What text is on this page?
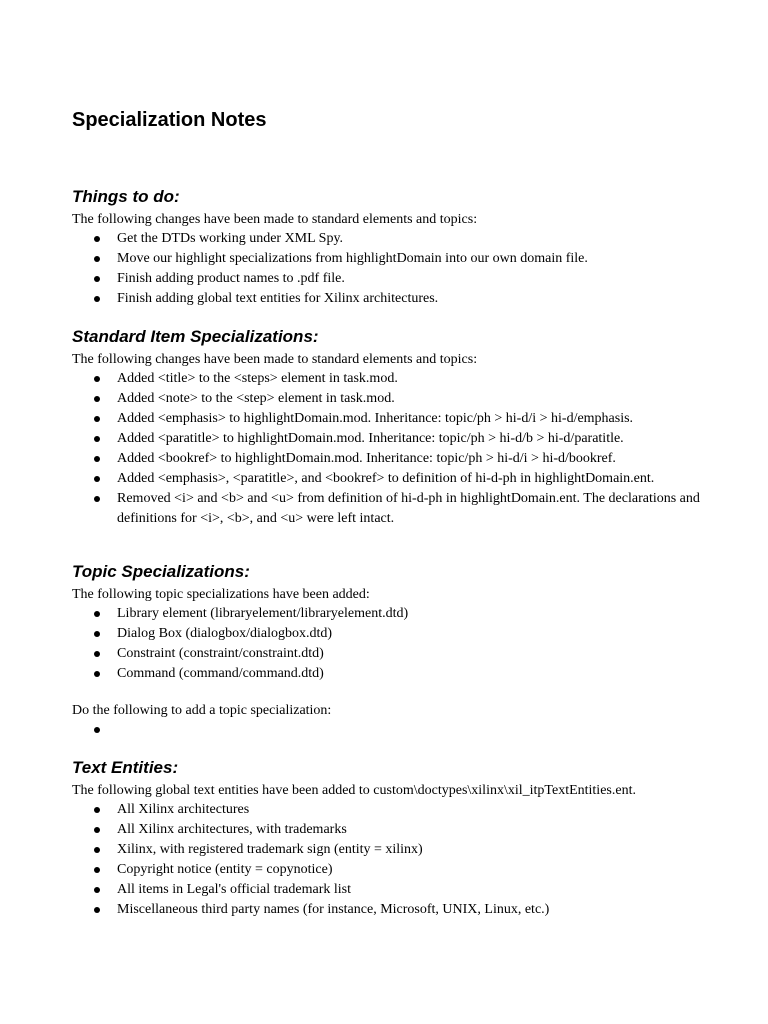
Specialization Notes
Things to do:

The following changes have been made to standard elements and topics:

Get the DTDs working under XML Spy.
Move our highlight specializations from highlightDomain into our own domain file.
Finish adding product names to .pdf file.
Finish adding global text entities for Xilinx architectures.
Standard Item Specializations:

The following changes have been made to standard elements and topics:

Added <title> to the <steps> element in task.mod.
Added <note> to the <step> element in task.mod.
Added <emphasis> to highlightDomain.mod. Inheritance: topic/ph > hi-d/i > hi-d/emphasis.
Added <paratitle> to highlightDomain.mod. Inheritance: topic/ph > hi-d/b > hi-d/paratitle.
Added <bookref> to highlightDomain.mod. Inheritance: topic/ph > hi-d/i > hi-d/bookref.
Added <emphasis>, <paratitle>, and <bookref> to definition of hi-d-ph in highlightDomain.ent.
Removed <i> and <b> and <u> from definition of hi-d-ph in highlightDomain.ent. The declarations and definitions for <i>, <b>, and <u> were left intact.
Topic Specializations:

The following topic specializations have been added:

Library element (libraryelement/libraryelement.dtd)
Dialog Box (dialogbox/dialogbox.dtd)
Constraint (constraint/constraint.dtd)
Command (command/command.dtd)

Do the following to add a topic specialization:

Text Entities:

The following global text entities have been added to custom\doctypes\xilinx\xil_itpTextEntities.ent.

All Xilinx architectures
All Xilinx architectures, with trademarks
Xilinx, with registered trademark sign (entity = xilinx)
Copyright notice (entity = copynotice)
All items in Legal's official trademark list
Miscellaneous third party names (for instance, Microsoft, UNIX, Linux, etc.)
